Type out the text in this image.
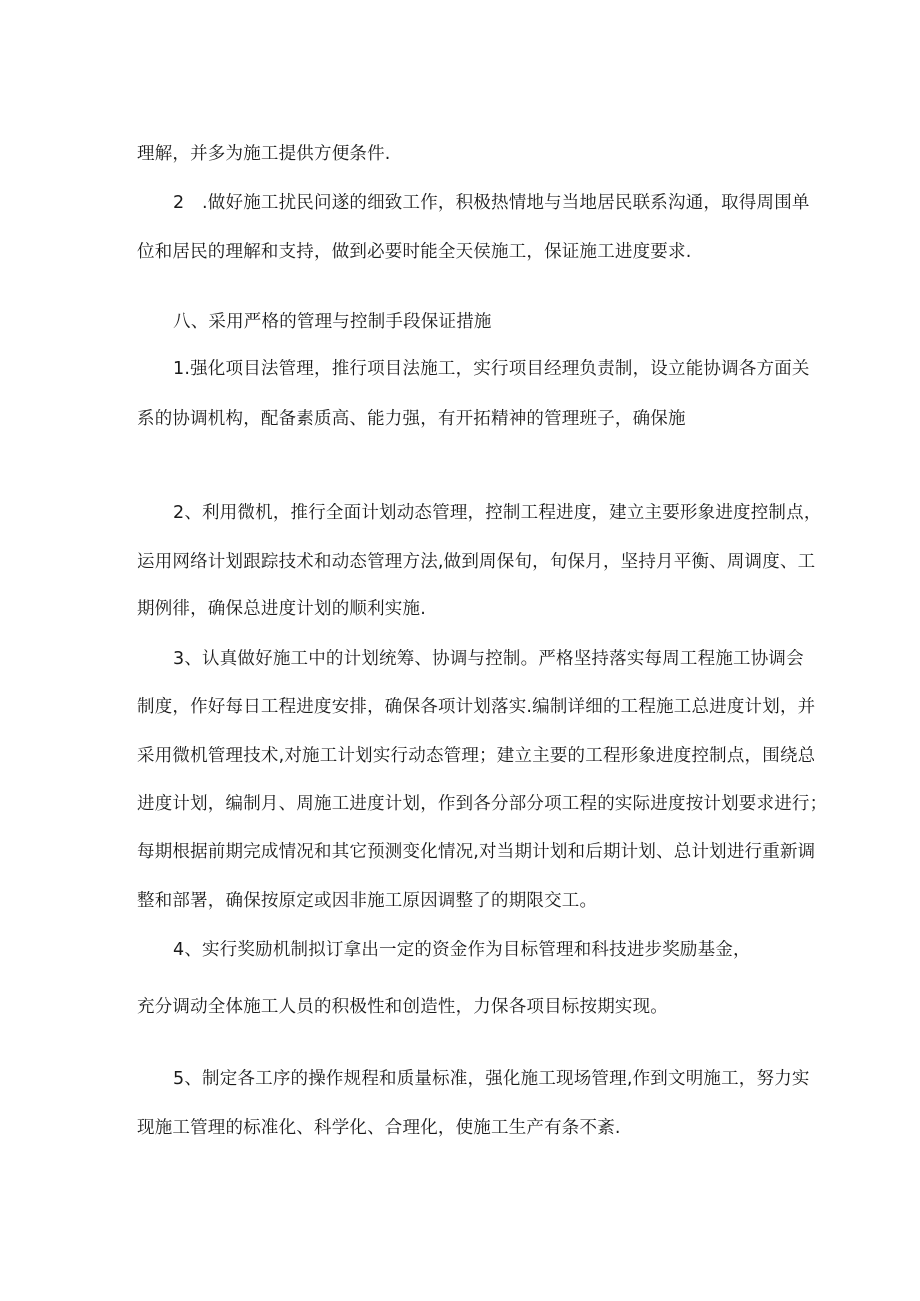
理解，并多为施工提供方便条件.
2　.做好施工扰民问遂的细致工作，积极热情地与当地居民联系沟通，取得周围单
位和居民的理解和支持，做到必要时能全天侯施工，保证施工进度要求.
八、采用严格的管理与控制手段保证措施
1.强化项目法管理，推行项目法施工，实行项目经理负责制，设立能协调各方面关
系的协调机构，配备素质高、能力强，有开拓精神的管理班子，确保施
2、利用微机，推行全面计划动态管理，控制工程进度，建立主要形象进度控制点，
运用网络计划跟踪技术和动态管理方法,做到周保旬，旬保月，坚持月平衡、周调度、工
期例徘，确保总进度计划的顺利实施.
3、认真做好施工中的计划统筹、协调与控制。严格坚持落实每周工程施工协调会
制度，作好每日工程进度安排，确保各项计划落实.编制详细的工程施工总进度计划，并
采用微机管理技术,对施工计划实行动态管理；建立主要的工程形象进度控制点，围绕总
进度计划，编制月、周施工进度计划，作到各分部分项工程的实际进度按计划要求进行；
每期根据前期完成情况和其它预测变化情况,对当期计划和后期计划、总计划进行重新调
整和部署，确保按原定或因非施工原因调整了的期限交工。
4、实行奖励机制拟订拿出一定的资金作为目标管理和科技进步奖励基金，
充分调动全体施工人员的积极性和创造性，力保各项目标按期实现。
5、制定各工序的操作规程和质量标准，强化施工现场管理,作到文明施工，努力实
现施工管理的标准化、科学化、合理化，使施工生产有条不紊.
